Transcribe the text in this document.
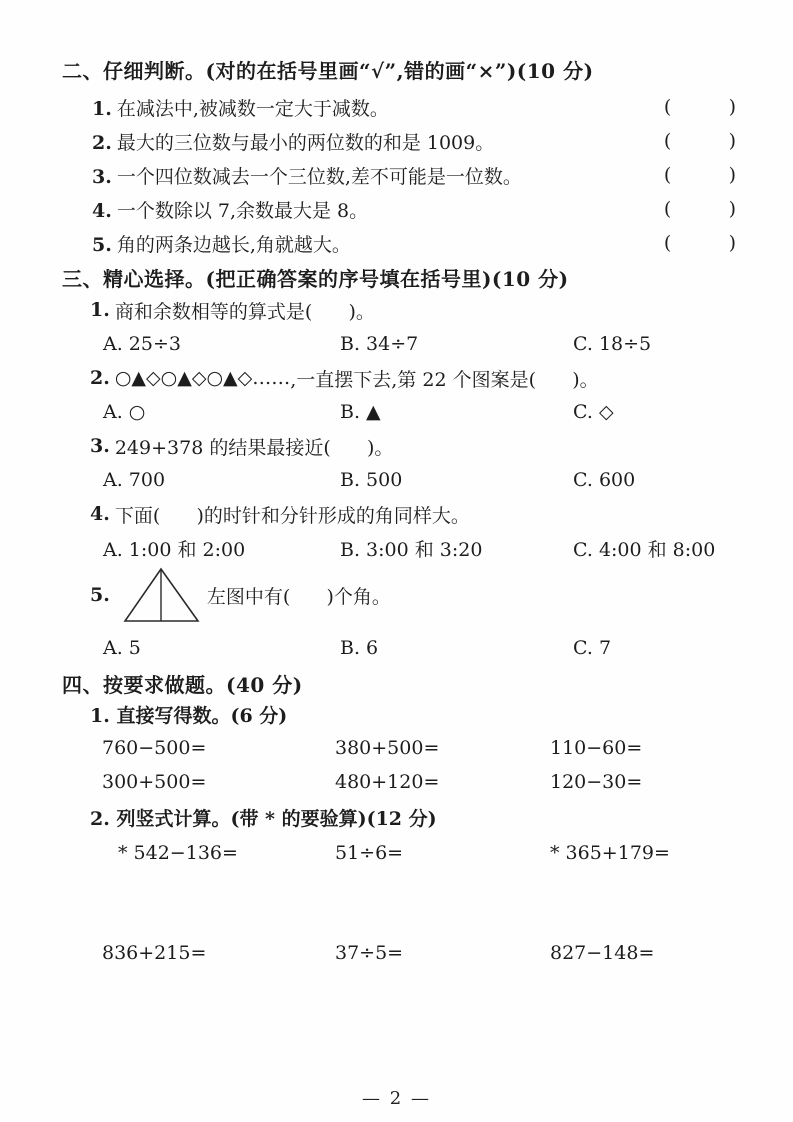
二、仔细判断。(对的在括号里画“√”,错的画“×”)(10 分)
1. 在减法中,被减数一定大于减数。	(        )
2. 最大的三位数与最小的两位数的和是 1009。	(        )
3. 一个四位数减去一个三位数,差不可能是一位数。	(        )
4. 一个数除以 7,余数最大是 8。	(        )
5. 角的两条边越长,角就越大。	(        )
三、精心选择。(把正确答案的序号填在括号里)(10 分)
1. 商和余数相等的算式是(      )。
A. 25÷3	B. 34÷7	C. 18÷5
2. ○▲◇○▲◇○▲◇…… ,一直摆下去,第 22 个图案是(      )。
A. ○	B. ▲	C. ◇
3. 249+378 的结果最接近(      )。
A. 700	B. 500	C. 600
4. 下面(      )的时针和分针形成的角同样大。
A. 1:00 和 2:00	B. 3:00 和 3:20	C. 4:00 和 8:00
5.	左图中有(      )个角。
A. 5	B. 6	C. 7
四、按要求做题。(40 分)
1. 直接写得数。(6 分)
760−500=	380+500=	110−60=
300+500=	480+120=	120−30=
2. 列竖式计算。(带 * 的要验算)(12 分)
* 542−136=	51÷6=	* 365+179=
836+215=	37÷5=	827−148=
— 2 —
